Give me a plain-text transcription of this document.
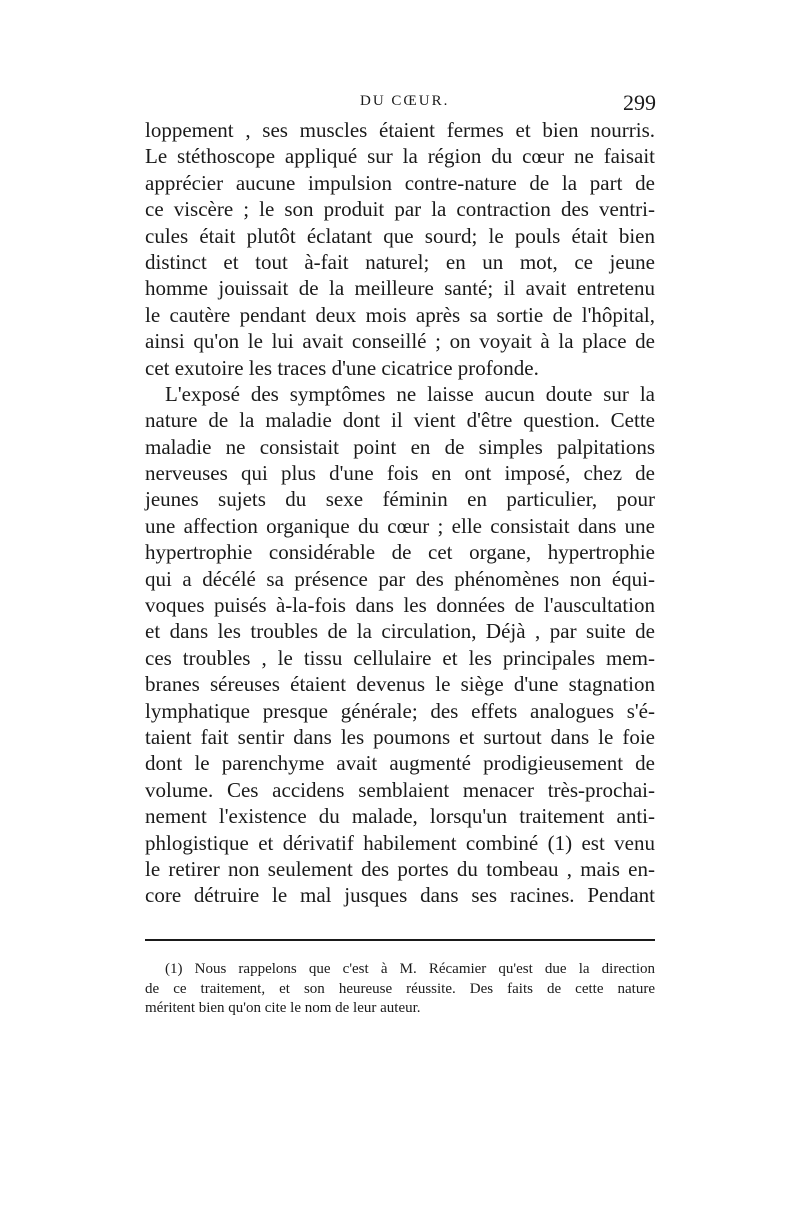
DU CŒUR.	299
loppement , ses muscles étaient fermes et bien nourris.
Le stéthoscope appliqué sur la région du cœur ne faisait
apprécier aucune impulsion contre-nature de la part de
ce viscère ; le son produit par la contraction des ventri-
cules était plutôt éclatant que sourd; le pouls était bien
distinct et tout à-fait naturel; en un mot, ce jeune
homme jouissait de la meilleure santé; il avait entretenu
le cautère pendant deux mois après sa sortie de l'hôpital,
ainsi qu'on le lui avait conseillé ; on voyait à la place de
cet exutoire les traces d'une cicatrice profonde.
L'exposé des symptômes ne laisse aucun doute sur la
nature de la maladie dont il vient d'être question. Cette
maladie ne consistait point en de simples palpitations
nerveuses qui plus d'une fois en ont imposé, chez de
jeunes sujets du sexe féminin en particulier, pour
une affection organique du cœur ; elle consistait dans une
hypertrophie considérable de cet organe, hypertrophie
qui a décélé sa présence par des phénomènes non équi-
voques puisés à-la-fois dans les données de l'auscultation
et dans les troubles de la circulation, Déjà , par suite de
ces troubles , le tissu cellulaire et les principales mem-
branes séreuses étaient devenus le siège d'une stagnation
lymphatique presque générale; des effets analogues s'é-
taient fait sentir dans les poumons et surtout dans le foie
dont le parenchyme avait augmenté prodigieusement de
volume. Ces accidens semblaient menacer très-prochai-
nement l'existence du malade, lorsqu'un traitement anti-
phlogistique et dérivatif habilement combiné (1) est venu
le retirer non seulement des portes du tombeau , mais en-
core détruire le mal jusques dans ses racines. Pendant
(1) Nous rappelons que c'est à M. Récamier qu'est due la direction
de ce traitement, et son heureuse réussite. Des faits de cette nature
méritent bien qu'on cite le nom de leur auteur.
